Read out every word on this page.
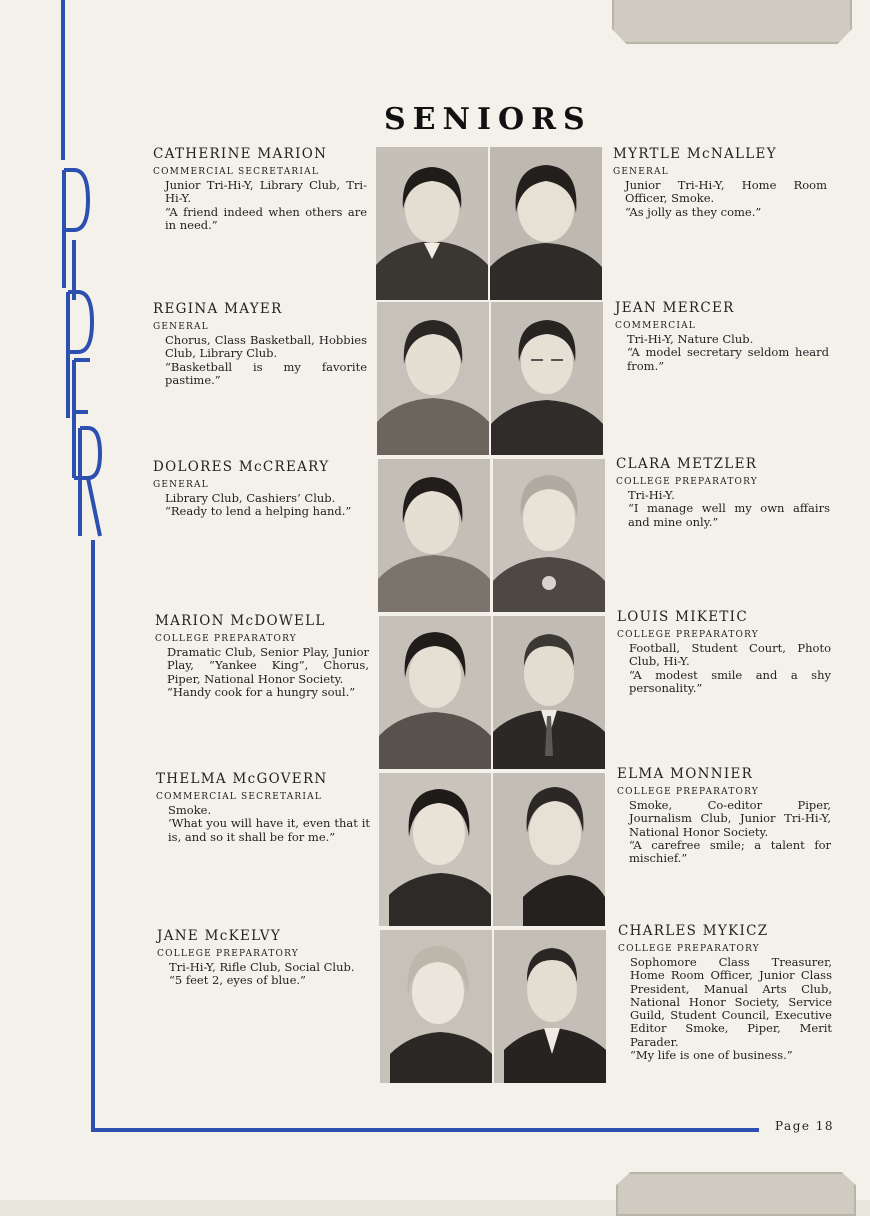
PIPER
SENIORS
Page 18
CATHERINE MARION
COMMERCIAL SECRETARIAL
Junior Tri-Hi-Y, Library Club, Tri-Hi-Y.
“A friend indeed when others are in need.”
REGINA MAYER
GENERAL
Chorus, Class Basketball, Hobbies Club, Library Club.
“Basketball is my favorite pastime.”
DOLORES McCREARY
GENERAL
Library Club, Cashiers’ Club.
“Ready to lend a helping hand.”
MARION McDOWELL
COLLEGE PREPARATORY
Dramatic Club, Senior Play, Junior Play, “Yankee King”, Chorus, Piper, National Honor Society.
“Handy cook for a hungry soul.”
THELMA McGOVERN
COMMERCIAL SECRETARIAL
Smoke.
‘What you will have it, even that it is, and so it shall be for me.”
JANE McKELVY
COLLEGE PREPARATORY
Tri-Hi-Y, Rifle Club, Social Club.
“5 feet 2, eyes of blue.”
MYRTLE McNALLEY
GENERAL
Junior Tri-Hi-Y, Home Room Officer, Smoke.
“As jolly as they come.”
JEAN MERCER
COMMERCIAL
Tri-Hi-Y, Nature Club.
“A model secretary seldom heard from.”
CLARA METZLER
COLLEGE PREPARATORY
Tri-Hi-Y.
“I manage well my own affairs and mine only.”
LOUIS MIKETIC
COLLEGE PREPARATORY
Football, Student Court, Photo Club, Hi-Y.
“A modest smile and a shy personality.”
ELMA MONNIER
COLLEGE PREPARATORY
Smoke, Co-editor Piper, Journalism Club, Junior Tri-Hi-Y, National Honor Society.
“A carefree smile; a talent for mischief.”
CHARLES MYKICZ
COLLEGE PREPARATORY
Sophomore Class Treasurer, Home Room Officer, Junior Class President, Manual Arts Club, National Honor Society, Service Guild, Student Council, Executive Editor Smoke, Piper, Merit Parader.
“My life is one of business.”
